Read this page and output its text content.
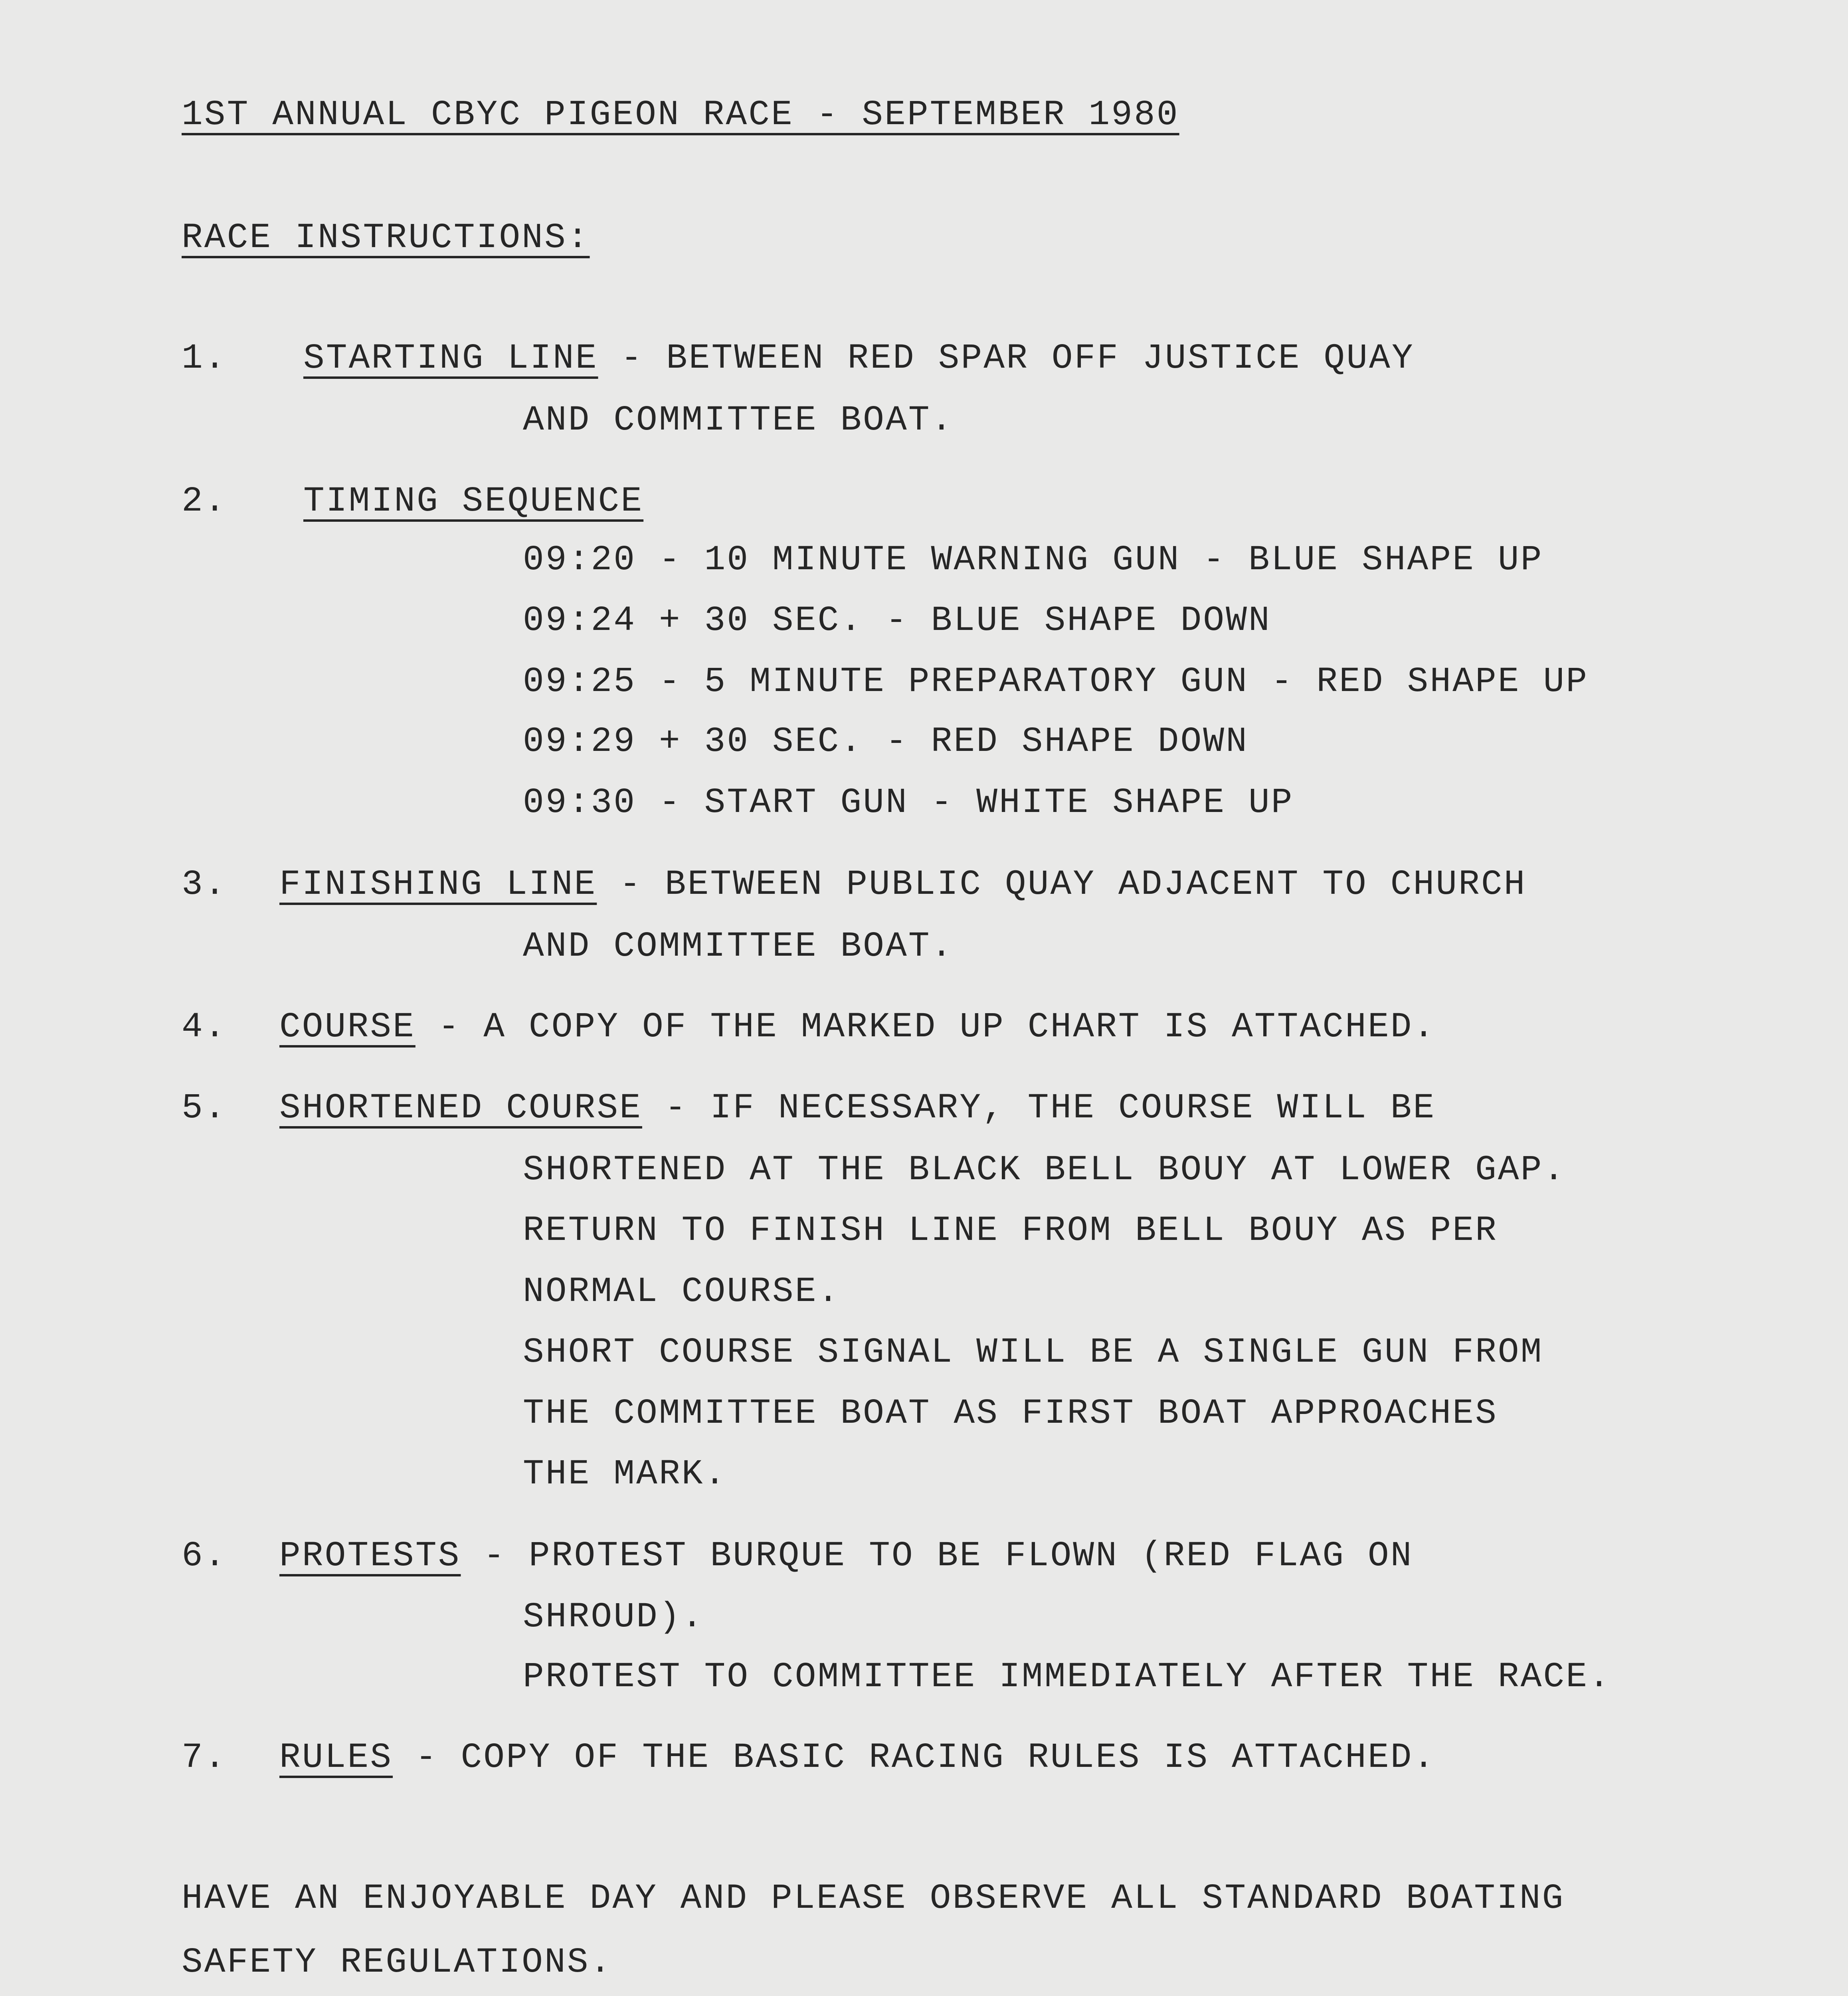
1ST ANNUAL CBYC PIGEON RACE - SEPTEMBER 1980
RACE INSTRUCTIONS:
1. STARTING LINE - BETWEEN RED SPAR OFF JUSTICE QUAY
AND COMMITTEE BOAT.
2. TIMING SEQUENCE
09:20 - 10 MINUTE WARNING GUN - BLUE SHAPE UP
09:24 + 30 SEC. - BLUE SHAPE DOWN
09:25 - 5 MINUTE PREPARATORY GUN - RED SHAPE UP
09:29 + 30 SEC. - RED SHAPE DOWN
09:30 - START GUN - WHITE SHAPE UP
3. FINISHING LINE - BETWEEN PUBLIC QUAY ADJACENT TO CHURCH
AND COMMITTEE BOAT.
4. COURSE - A COPY OF THE MARKED UP CHART IS ATTACHED.
5. SHORTENED COURSE - IF NECESSARY, THE COURSE WILL BE
SHORTENED AT THE BLACK BELL BOUY AT LOWER GAP.
RETURN TO FINISH LINE FROM BELL BOUY AS PER
NORMAL COURSE.
SHORT COURSE SIGNAL WILL BE A SINGLE GUN FROM
THE COMMITTEE BOAT AS FIRST BOAT APPROACHES
THE MARK.
6. PROTESTS - PROTEST BURQUE TO BE FLOWN (RED FLAG ON
SHROUD).
PROTEST TO COMMITTEE IMMEDIATELY AFTER THE RACE.
7. RULES - COPY OF THE BASIC RACING RULES IS ATTACHED.
HAVE AN ENJOYABLE DAY AND PLEASE OBSERVE ALL STANDARD BOATING
SAFETY REGULATIONS.
